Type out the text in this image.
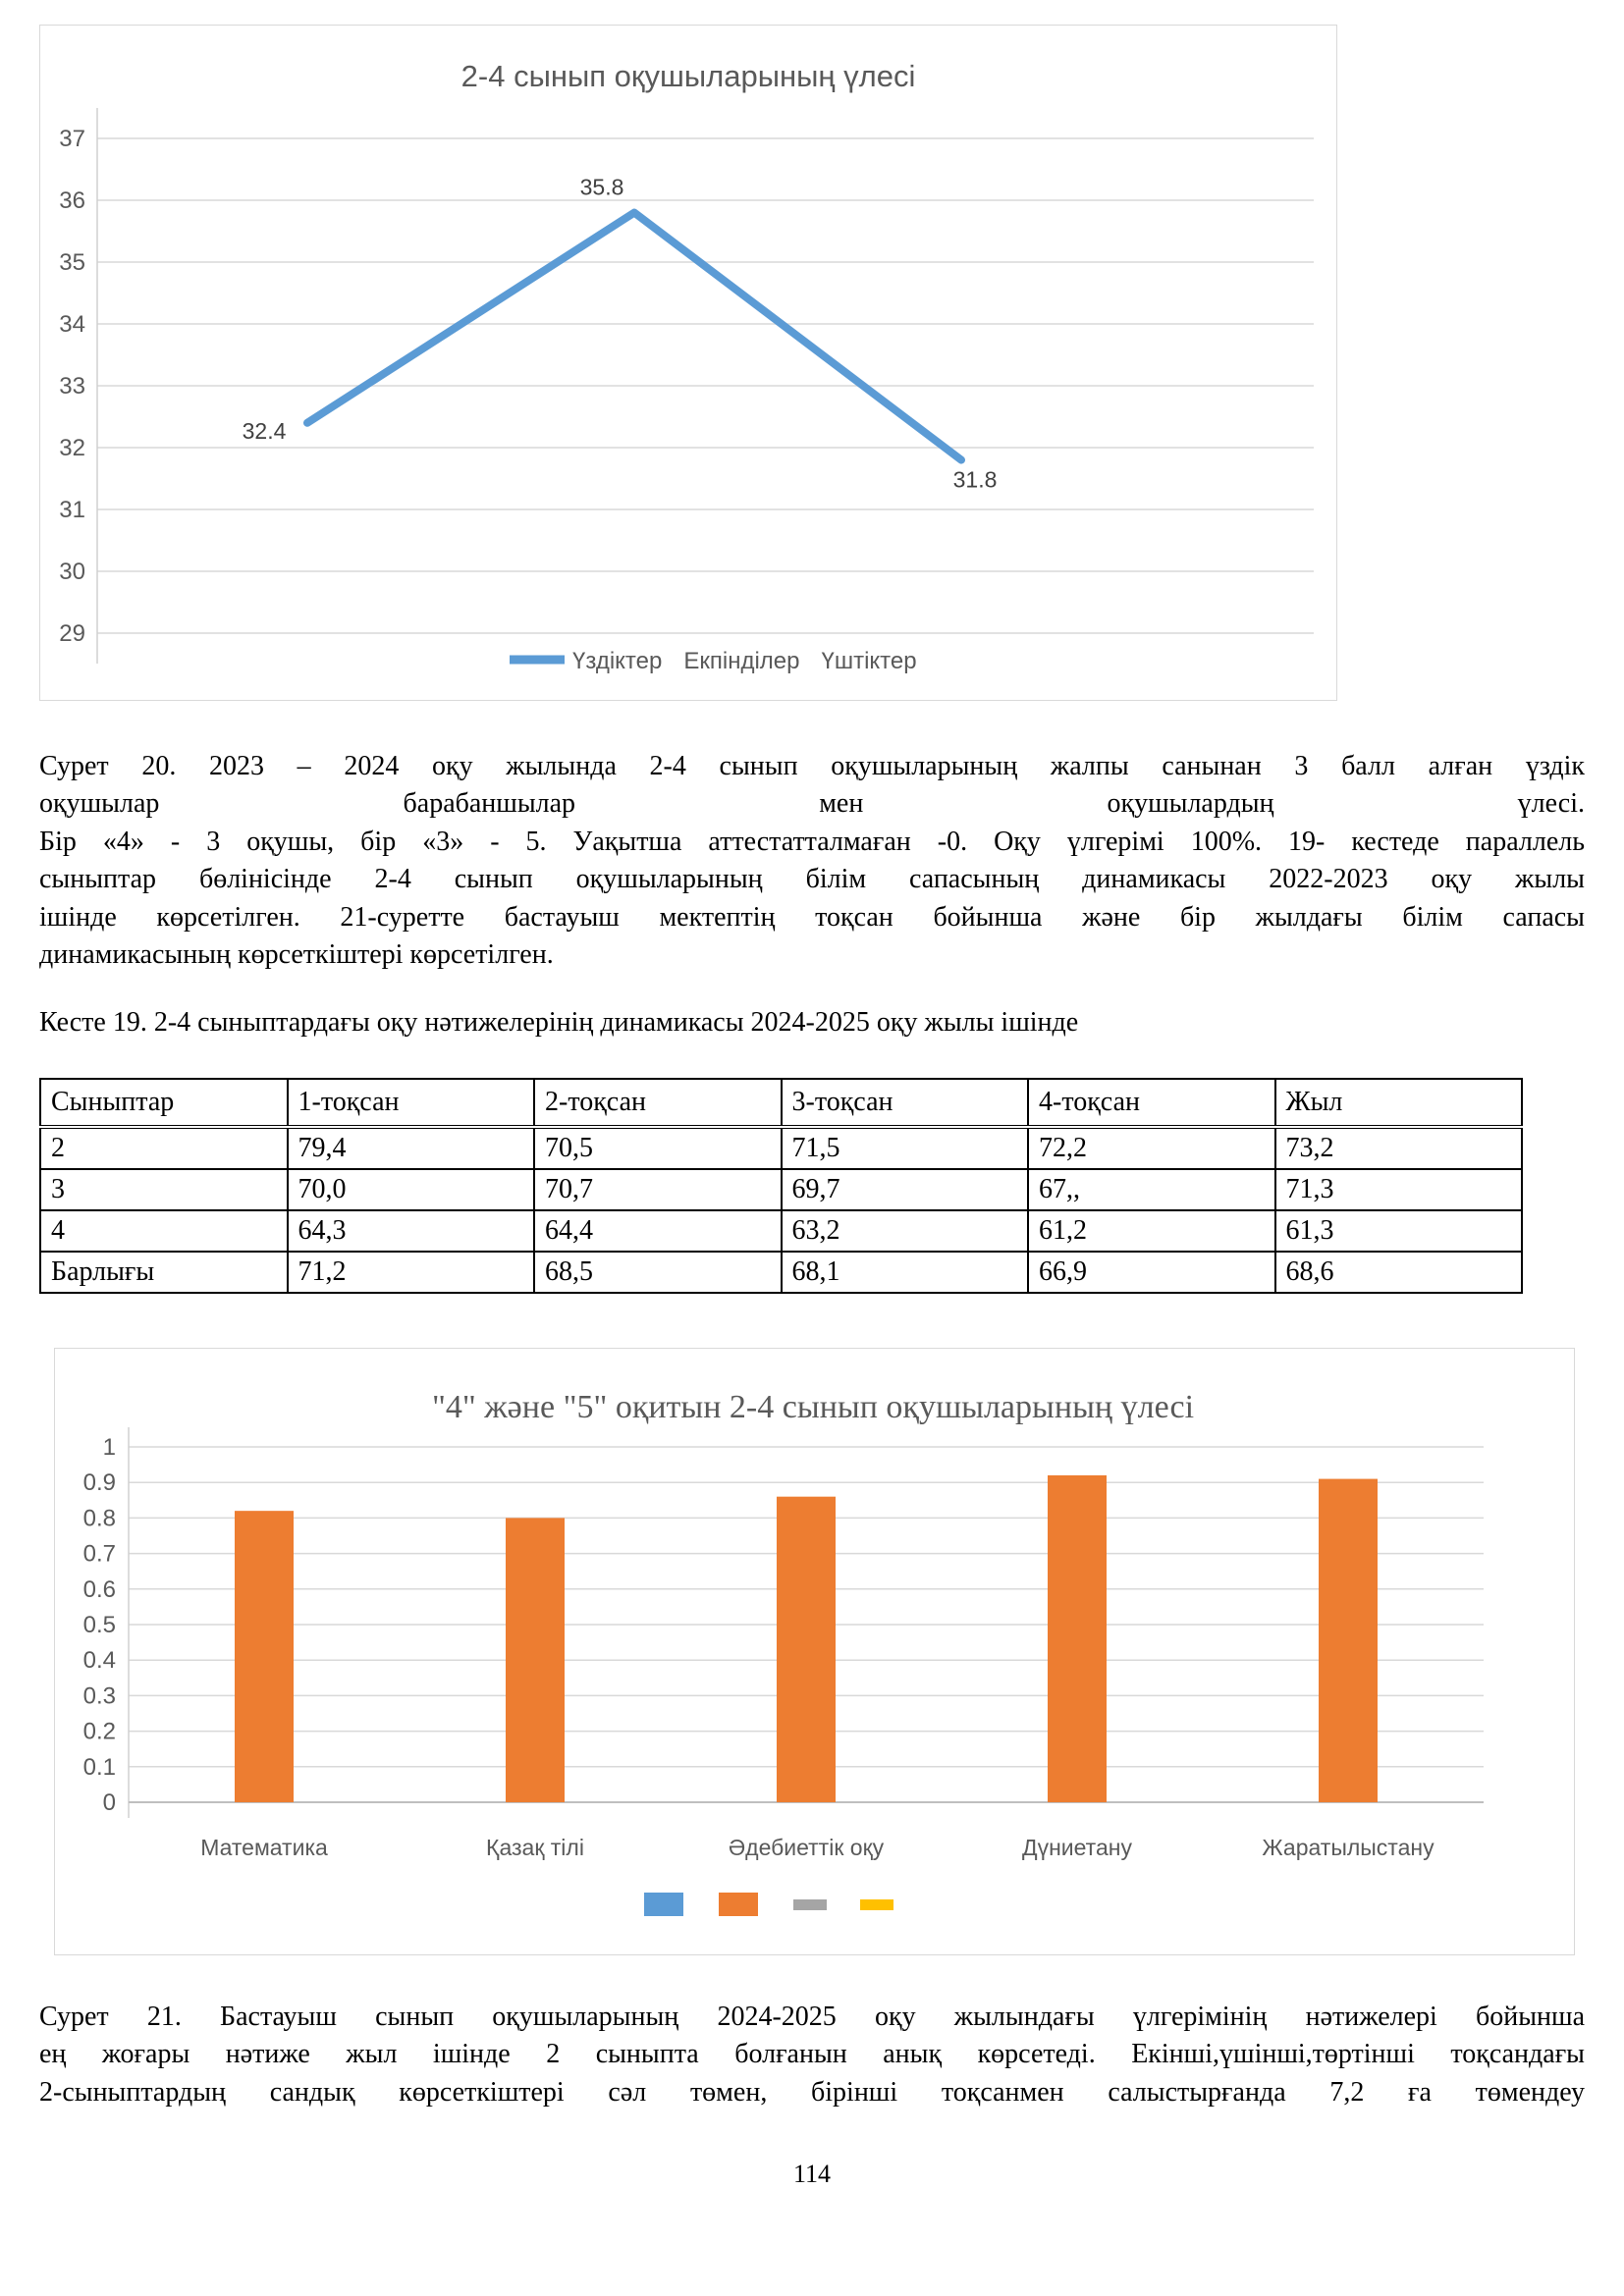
37
36
35
34
33
32
31
30
29
2-4 сынып оқушыларының үлесі
32.4
35.8
31.8
Үздіктер Екпінділер Үштіктер
Сурет 20. 2023 – 2024 оқу жылында 2-4 сынып оқушыларының жалпы санынан 3 балл алған үздік
оқушылар барабаншылар мен оқушылардың үлесі.
Бір «4» - 3 оқушы, бір «3» - 5. Уақытша аттестатталмаған -0. Оқу үлгерімі 100%. 19- кестеде параллель
сыныптар бөлінісінде 2-4 сынып оқушыларының білім сапасының динамикасы 2022-2023 оқу жылы
ішінде көрсетілген. 21-суретте бастауыш мектептің тоқсан бойынша және бір жылдағы білім сапасы
динамикасының көрсеткіштері көрсетілген.
Кесте 19. 2-4 сыныптардағы оқу нәтижелерінің динамикасы 2024-2025 оқу жылы ішінде
Сыныптар	1-тоқсан	2-тоқсан	3-тоқсан	4-тоқсан	Жыл
2	79,4	70,5	71,5	72,2	73,2
3	70,0	70,7	69,7	67,,	71,3
4	64,3	64,4	63,2	61,2	61,3
Барлығы	71,2	68,5	68,1	66,9	68,6
1
0.9
0.8
0.7
0.6
0.5
0.4
0.3
0.2
0.1
0
"4" және "5" оқитын 2-4 сынып оқушыларының үлесі
Математика	Қазақ тілі	Әдебиеттік оқу	Дүниетану	Жаратылыстану
Сурет 21. Бастауыш сынып оқушыларының 2024-2025 оқу жылындағы үлгерімінің нәтижелері бойынша
ең жоғары нәтиже жыл ішінде 2 сыныпта болғанын анық көрсетеді. Екінші,үшінші,төртінші тоқсандағы
2-сыныптардың сандық көрсеткіштері сәл төмен, бірінші тоқсанмен салыстырғанда 7,2 ға төмендеу
114
